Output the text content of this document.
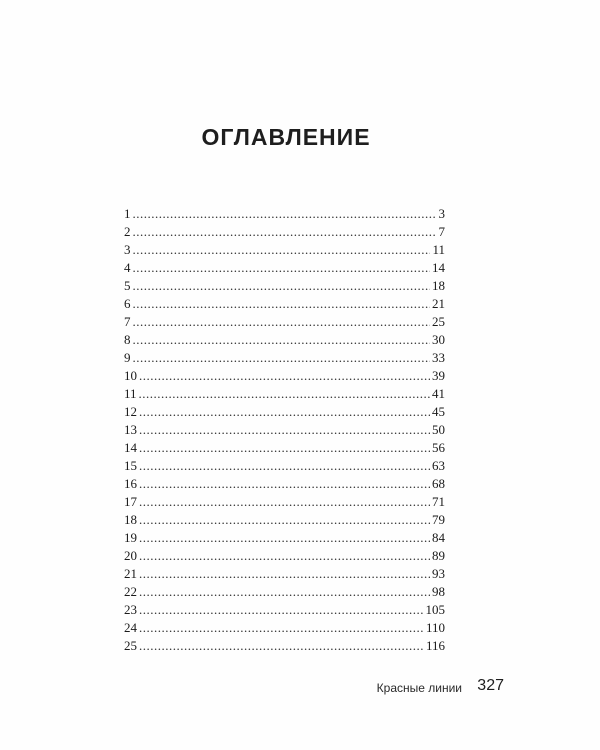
ОГЛАВЛЕНИЕ
1 .....	3
2 .....	7
3 .....	11
4 .....	14
5 .....	18
6 .....	21
7 .....	25
8 .....	30
9 .....	33
10 .....	39
11 .....	41
12 .....	45
13 .....	50
14 .....	56
15 .....	63
16 .....	68
17 .....	71
18 .....	79
19 .....	84
20 .....	89
21 .....	93
22 .....	98
23 .....	105
24 .....	110
25 .....	116
Красные линии 327
